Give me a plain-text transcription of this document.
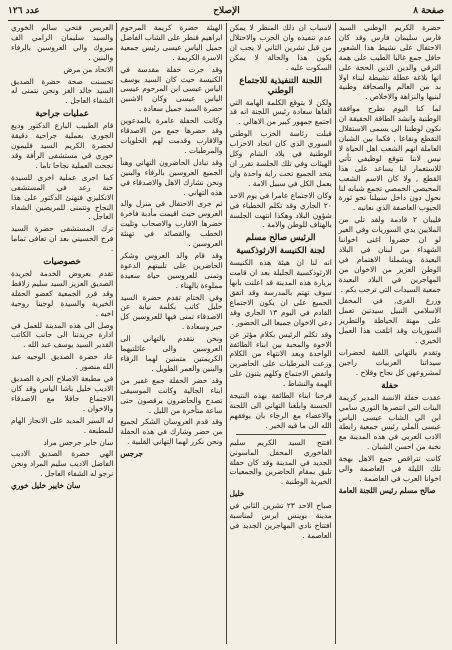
صفحة ٨
الإصلاح
عدد ١٢٦

حضرة الكريم الوطني السيد فارس سليمان فارس وقد كان الاحتفال على نشيط هذا الشعور حافل جمع غالبا الطيب على همة الترقي والدين الذين الحجة على انها بلاغة عطلة نشيطة لبناء اولا بد من العالم والصحافة وطنية لبنيها والنزاهة والاخلاص .

لما كنا اليوم نطرح موافقة الوطنية وانشد الطاقة الحقيقة ان نكون لوطننا الى يسمى الاستقلال التقطع ونقاعا , فكما بين الشبان العاملة انهم الشعب اهل الحياة لا نيس لاننا نتوقع لوظيفي تأتي للاستعمار لنا يساعد على هذا القطع , ولا كان الاسم الشعب المحيصي الحمصي تجمع شبابه لنا نحول دون داخل سبيلنا نحو ثورة الجيوب العاصفة الذي نعانيه .

فليبان ٢ قادمة ولقد تلي من الملايين يدي السوريات وفي الغير لو ان حضروا اغنى اخواننا الشهداء من لبنان في البلاد البعيدة ويشملنا الاهتمام في الوطن العزيز من الاخوان من المهاجرين في البلاد البعيدة جمعية السيدات التي ترحب بكم .

وزرع القرى, في المحفل الاسلامي النبيل سيدتين تعمل على مهنة الخياطة والتطريز السوريات وقد اتلقت هذا العمل الخيري .

وتقدم بالتهاني اللفية لحضرات سيداتنا العربيات راجين لمشروعهن كل نجاح وفلاح .

حفلة

عقدت حفلة الانسة المدير كريمة البنات التي انتصرها التوري سامي ابن الي الشاب عيسى الياس عيسى الملي رئيس جمعية رابطة الادب العربي في هذه المدينة مع نخبة من احسن الشبان .

كانت تتراقص جمع الاهل بهجة تلك الليلة في العاصمة والي اخوانا العرب في العاصمة .

صالح مسلم رئيس اللجنة العامة

لاسباب ان ذلك المنظر لا يمكن عدم تنفيذه وان الحرب والاحتلال من قبل تشرين الثاني لا يجب ان يكون هذا والحالة لا يمكن السكوت عليه .

اللجنة التنفيذية للاجتماع الوطني

ولكن لا يتوقع الكلمة الهامة التي القاها سعادة رئيس اللجنة انه قد اجتمع جمهور كبير من الاهالي .

قبلت رئاسة الحزب الوطني السوري الذي كان اتحاد الاحزاب الوطنية في بلاد الشام وكل الهيئات وفي تلك الجلسة تقرر ان يتحد الجميع تحت راية واحدة وان يعمل الكل في سبيل الامة .

وكان الاجتماع عامرا في يوم الاحد ٢٠ الجاري وقد تكلم الخطباء في شؤون البلاد وهكذا انتهت الجلسة بالهتاف للوطن والامة .

الرئيس صالح مسلم
لجنة الكنيسة الارثوذكسية

انه لنا ان هيئة هذه الكنيسة الارثوذكسية الجليلة بعد ان قامت بزيارة هذه المدينة قد اعلنت بانها سوف تهتم بالمدرسة وقد اتفق الجميع على ان يكون الاجتماع القادم في اليوم ١٣ الجاري وقد دعي الاخوان جميعا الى الحضور .

وقد تكلم الرئيس بكلام مؤثر عن الاخوة والمحبة بين ابناء الطائفة الواحدة وبعد الانتهاء من الكلام وزعت المرطبات على الحاضرين وانفض الاجتماع وكلهم يثنون على الهمة والنشاط .

فرحنا ابناء الطائفة بهذه النتيجة الحسنة وابلغنا التهاني الى اللجنة والاعضاء مع الرجاء بان يوفقهم الله الى ما فيه الخير .

افتتح السيد الكريم سليم الفاخوري المحفل الماسوني الجديد في المدينة وقد كان حفلة تليق بمقام الحاضرين والجمعيات الخيرية الوطنية .

خليل

صباح الاحد ٢٣ تشرين الثاني في مدينة بوينس ايرس لمناسبة افتتاح نادي المهاجرين الجديد في العاصمة .

الهيئة حضرة كريمة المرحوم ابراهيم قنطر على الشاب الفاضل جميل الياس عيسى رئيس جمعية الاسرة الكريمة .

وقد جرت حفلة مقدسة في الكنيسة حيث كان السيد يوسف الياس عيسى ابن المرحوم عيسى الياس عيسى وكان الاشبين حضرة السيد جميل سعادة .

وكانت الحفلة عامرة بالمدعوين وقد حضرها جمع من الاصدقاء والاقارب وقدمت لهم الحلويات والمرطبات .

وقد تبادل الحاضرون التهاني وهنأ الجميع العروسين بالرفاء والبنين ونحن نشارك الاهل والاصدقاء في هذه التهاني .

ثم جرى الاحتفال في منزل والد العروس حيث اقيمت مأدبة فاخرة حضرها الاقارب والاصحاب وتليت الخطب والقصائد في تهنئة العروسين .

وقد قام والد العروس وشكر الحاضرين على تلبيتهم الدعوة وتمنى للعروسين حياة سعيدة مملوءة بالهناء .

وفي الختام تقدم حضرة السيد خليل كاتب بكلمة نيابة عن الاصدقاء تمنى فيها للعروسين كل خير وسعادة .

ونحن نتقدم بالتهاني الى العروسين والى عائلتيهما الكريمتين متمنين لهما الرفاء والبنين والعمر الطويل .

وقد حضر الحفلة جمع غفير من ابناء الجالية وكانت الموسيقى تصدح والحاضرون يرقصون حتى ساعة متأخرة من الليل .

وقد قدم العروسان الشكر لجميع من حضر وشارك في هذه الحفلة ونحن نكرر لهما التهاني القلبية .

جرجس

العريس فتحي سالم الخوري والسيد سليمان الرامي الف مبروك والي العروسين بالرفاء والبنين .

الاتحاد من مرض

تحسنت صحة حضرة الصديق السيد خالد الغز ونحن نتمنى له الشفاء العاجل .

عمليات جراحية

قام الطبيب البارع الدكتور وديع الجوري بعملية جراحية دقيقة لحضرة الكريم السيد فليمون خوري في مستشفى الرأفة وقد نجحت العملية نجاحا تاما .

كما اجرى عملية اخرى للسيدة حنة رعد في المستشفى الانكليزي فنهنئ الدكتور على هذا النجاح ونتمنى للمريضين الشفاء العاجل .

ترك المستشفى حضرة السيد فرج الحسيني بعد ان تعافى تماما .

خصوصيات

تقدم بعروض الخدمة لجريدة الصديق العزيز السيد سليم زلاقط وقد قرر الجمعية كعضو الحفلة الخيرية والسيدة لوجينا روحية اخيه .

وصل الى هذه المدينة للعمل في ادارة جريدتنا الى جانب الكاتب القدير السيد يوسف عبد الله .

عاد حضرة الصديق الوجيه عبد الله منصور .

في مطبعة الاصلاح الحرة الصديق الاديب خليل باشا الياس وقد كان الاجتماع حافلا مع الاصدقاء والاخوان .

له السير المديد على الانجاز الهام للمطبعة .

سان خاير جرجس مراد

الهي حضرة الصديق الاديب الفاضل الاديب سليم المراد ونحن نرجو له الشفاء العاجل .

سان خايير خليل خوري
